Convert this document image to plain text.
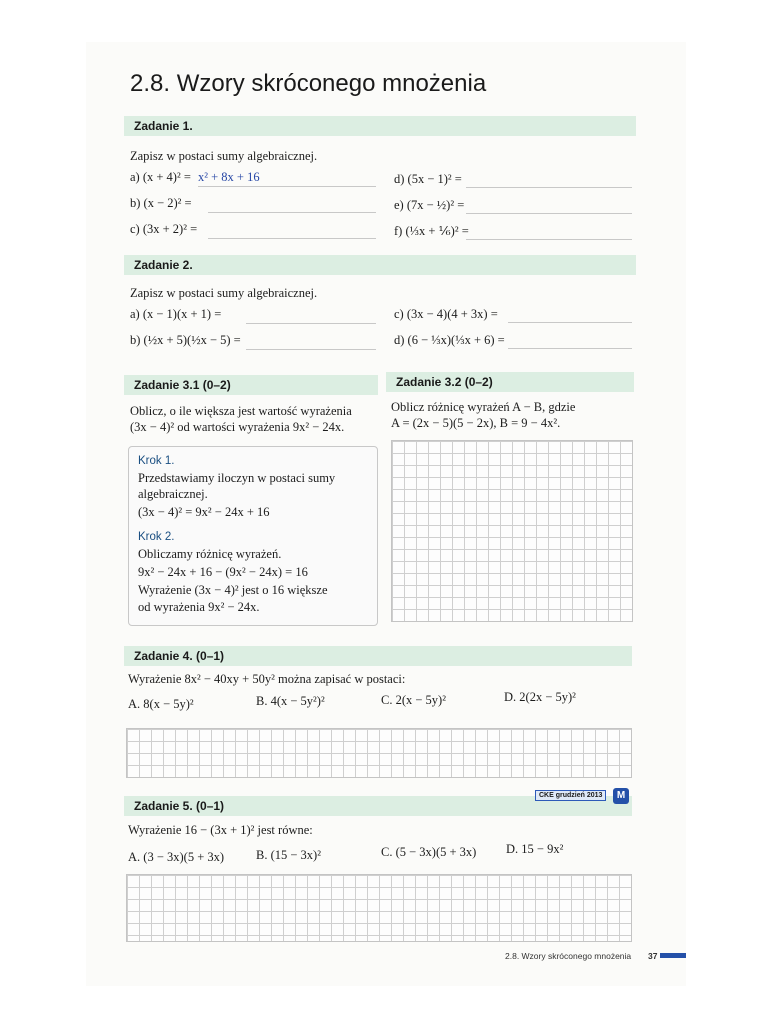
2.8. Wzory skróconego mnożenia
Zadanie 1.
Zapisz w postaci sumy algebraicznej.
a) (x + 4)² = x² + 8x + 16
b) (x − 2)² =
c) (3x + 2)² =
d) (5x − 1)² =
e) (7x − ½)² =
f) (⅓x + ⅙)² =
Zadanie 2.
Zapisz w postaci sumy algebraicznej.
a) (x − 1)(x + 1) =
b) (½x + 5)(½x − 5) =
c) (3x − 4)(4 + 3x) =
d) (6 − ⅓x)(⅓x + 6) =
Zadanie 3.1 (0–2)
Oblicz, o ile większa jest wartość wyrażenia
(3x − 4)² od wartości wyrażenia 9x² − 24x.
Krok 1.
Przedstawiamy iloczyn w postaci sumy
algebraicznej.
(3x − 4)² = 9x² − 24x + 16
Krok 2.
Obliczamy różnicę wyrażeń.
9x² − 24x + 16 − (9x² − 24x) = 16
Wyrażenie (3x − 4)² jest o 16 większe
od wyrażenia 9x² − 24x.
Zadanie 3.2 (0–2)
Oblicz różnicę wyrażeń A − B, gdzie
A = (2x − 5)(5 − 2x), B = 9 − 4x².
Zadanie 4. (0–1)
Wyrażenie 8x² − 40xy + 50y² można zapisać w postaci:
A. 8(x − 5y)²	B. 4(x − 5y²)²	C. 2(x − 5y)²	D. 2(2x − 5y)²
Zadanie 5. (0–1)
CKE grudzień 2013	M
Wyrażenie 16 − (3x + 1)² jest równe:
A. (3 − 3x)(5 + 3x)	B. (15 − 3x)²	C. (5 − 3x)(5 + 3x) D. 15 − 9x²
2.8. Wzory skróconego mnożenia 37
